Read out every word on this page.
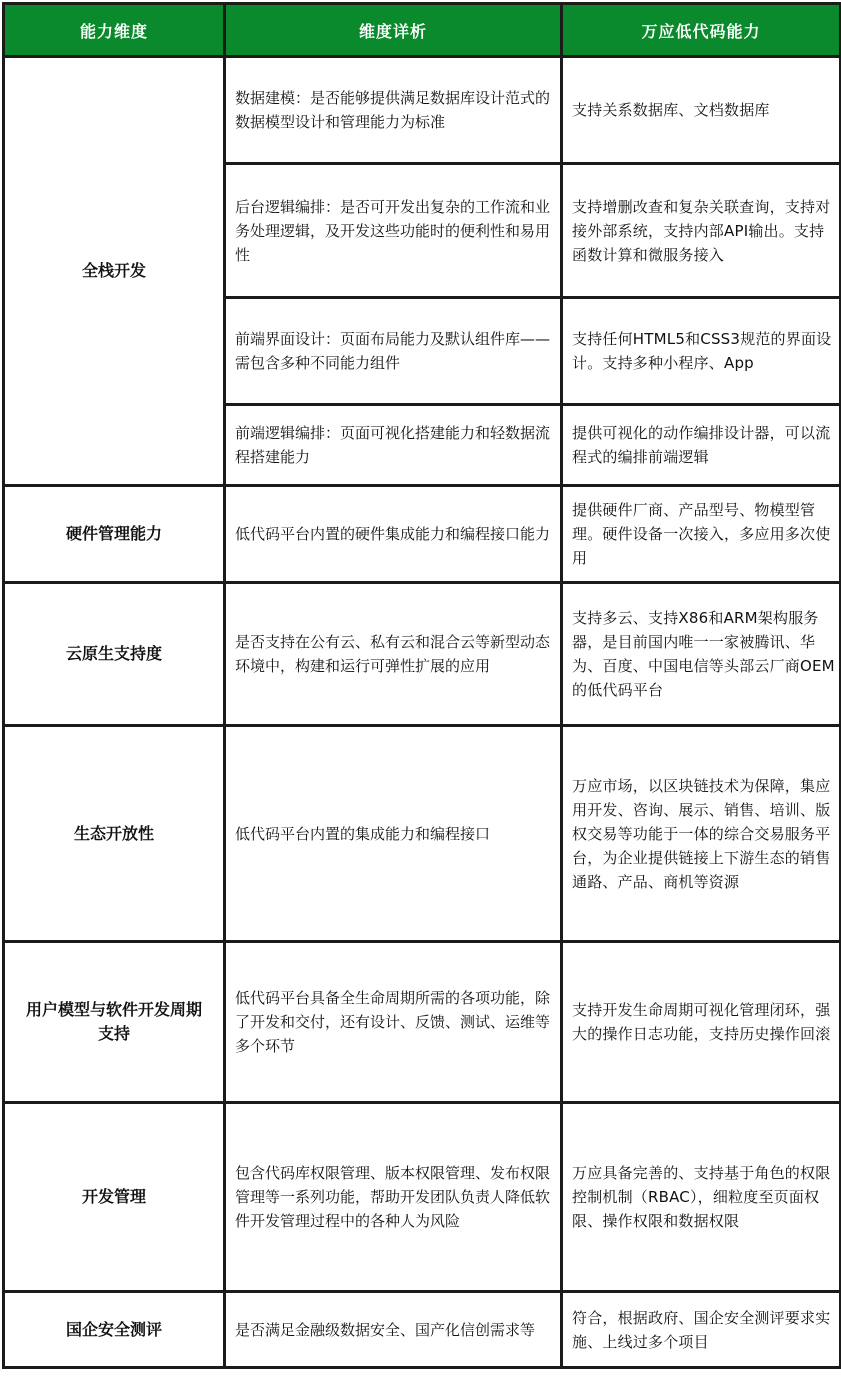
能力维度	维度详析	万应低代码能力
全栈开发	数据建模：是否能够提供满足数据库设计范式的数据模型设计和管理能力为标准	支持关系数据库、文档数据库
	后台逻辑编排：是否可开发出复杂的工作流和业务处理逻辑，及开发这些功能时的便利性和易用性	支持增删改查和复杂关联查询，支持对接外部系统，支持内部API输出。支持函数计算和微服务接入
	前端界面设计：页面布局能力及默认组件库——需包含多种不同能力组件	支持任何HTML5和CSS3规范的界面设计。支持多种小程序、App
	前端逻辑编排：页面可视化搭建能力和轻数据流程搭建能力	提供可视化的动作编排设计器，可以流程式的编排前端逻辑
硬件管理能力	低代码平台内置的硬件集成能力和编程接口能力	提供硬件厂商、产品型号、物模型管理。硬件设备一次接入，多应用多次使用
云原生支持度	是否支持在公有云、私有云和混合云等新型动态环境中，构建和运行可弹性扩展的应用	支持多云、支持X86和ARM架构服务器，是目前国内唯一一家被腾讯、华为、百度、中国电信等头部云厂商OEM的低代码平台
生态开放性	低代码平台内置的集成能力和编程接口	万应市场，以区块链技术为保障，集应用开发、咨询、展示、销售、培训、版权交易等功能于一体的综合交易服务平台，为企业提供链接上下游生态的销售通路、产品、商机等资源
用户模型与软件开发周期支持	低代码平台具备全生命周期所需的各项功能，除了开发和交付，还有设计、反馈、测试、运维等多个环节	支持开发生命周期可视化管理闭环，强大的操作日志功能，支持历史操作回滚
开发管理	包含代码库权限管理、版本权限管理、发布权限管理等一系列功能，帮助开发团队负责人降低软件开发管理过程中的各种人为风险	万应具备完善的、支持基于角色的权限控制机制（RBAC），细粒度至页面权限、操作权限和数据权限
国企安全测评	是否满足金融级数据安全、国产化信创需求等	符合，根据政府、国企安全测评要求实施、上线过多个项目
